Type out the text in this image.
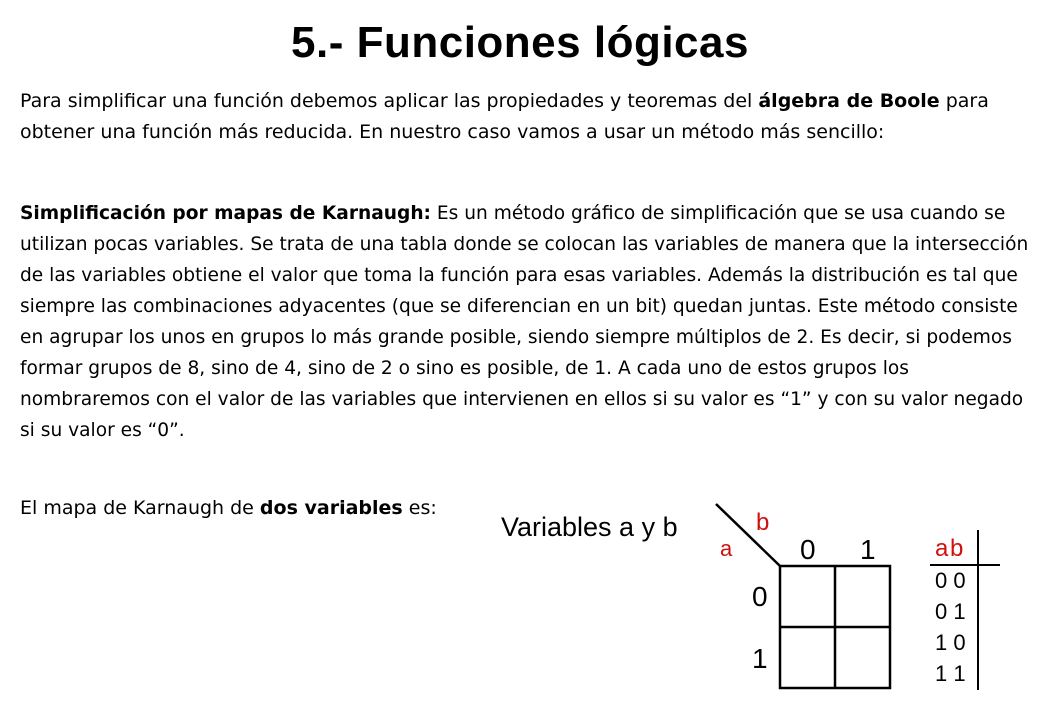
5.- Funciones lógicas

Para simplificar una función debemos aplicar las propiedades y teoremas del álgebra de Boole para obtener una función más reducida. En nuestro caso vamos a usar un método más sencillo:

Simplificación por mapas de Karnaugh: Es un método gráfico de simplificación que se usa cuando se utilizan pocas variables. Se trata de una tabla donde se colocan las variables de manera que la intersección de las variables obtiene el valor que toma la función para esas variables. Además la distribución es tal que siempre las combinaciones adyacentes (que se diferencian en un bit) quedan juntas. Este método consiste en agrupar los unos en grupos lo más grande posible, siendo siempre múltiplos de 2. Es decir, si podemos formar grupos de 8, sino de 4, sino de 2 o sino es posible, de 1. A cada uno de estos grupos los nombraremos con el valor de las variables que intervienen en ellos si su valor es “1” y con su valor negado si su valor es “0”.

El mapa de Karnaugh de dos variables es:

Variables a y b
a
b
0 1
0
1
a b
0 0
0 1
1 0
1 1
